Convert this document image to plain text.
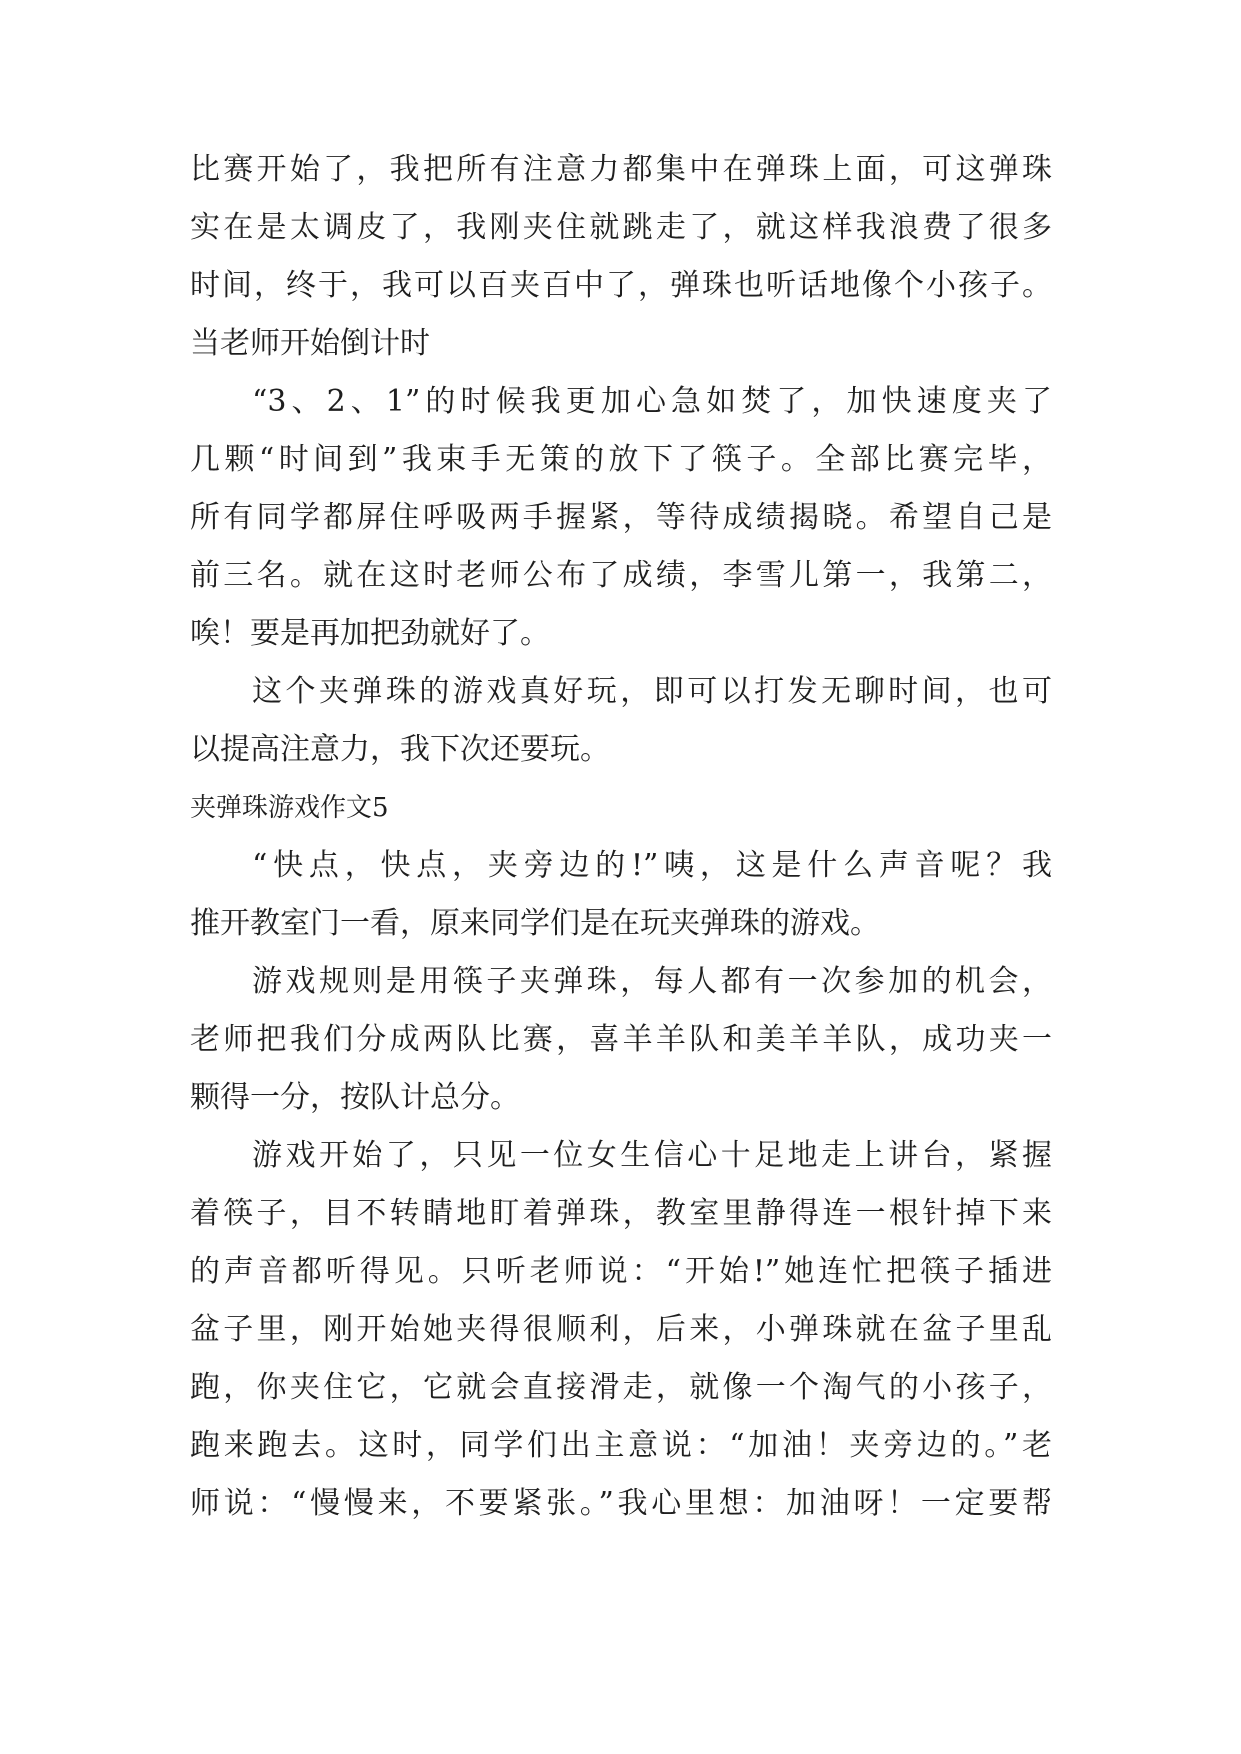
比赛开始了，我把所有注意力都集中在弹珠上面，可这弹珠
实在是太调皮了，我刚夹住就跳走了，就这样我浪费了很多
时间，终于，我可以百夹百中了，弹珠也听话地像个小孩子。
当老师开始倒计时
“3、2、1”的时候我更加心急如焚了，加快速度夹了
几颗“时间到”我束手无策的放下了筷子。全部比赛完毕，
所有同学都屏住呼吸两手握紧，等待成绩揭晓。希望自己是
前三名。就在这时老师公布了成绩，李雪儿第一，我第二，
唉！要是再加把劲就好了。
这个夹弹珠的游戏真好玩，即可以打发无聊时间，也可
以提高注意力，我下次还要玩。
夹弹珠游戏作文5
“快点，快点，夹旁边的!”咦，这是什么声音呢？我
推开教室门一看，原来同学们是在玩夹弹珠的游戏。
游戏规则是用筷子夹弹珠，每人都有一次参加的机会，
老师把我们分成两队比赛，喜羊羊队和美羊羊队，成功夹一
颗得一分，按队计总分。
游戏开始了，只见一位女生信心十足地走上讲台，紧握
着筷子，目不转睛地盯着弹珠，教室里静得连一根针掉下来
的声音都听得见。只听老师说：“开始!”她连忙把筷子插进
盆子里，刚开始她夹得很顺利，后来，小弹珠就在盆子里乱
跑，你夹住它，它就会直接滑走，就像一个淘气的小孩子，
跑来跑去。这时，同学们出主意说：“加油！夹旁边的。”老
师说：“慢慢来，不要紧张。”我心里想：加油呀！一定要帮
